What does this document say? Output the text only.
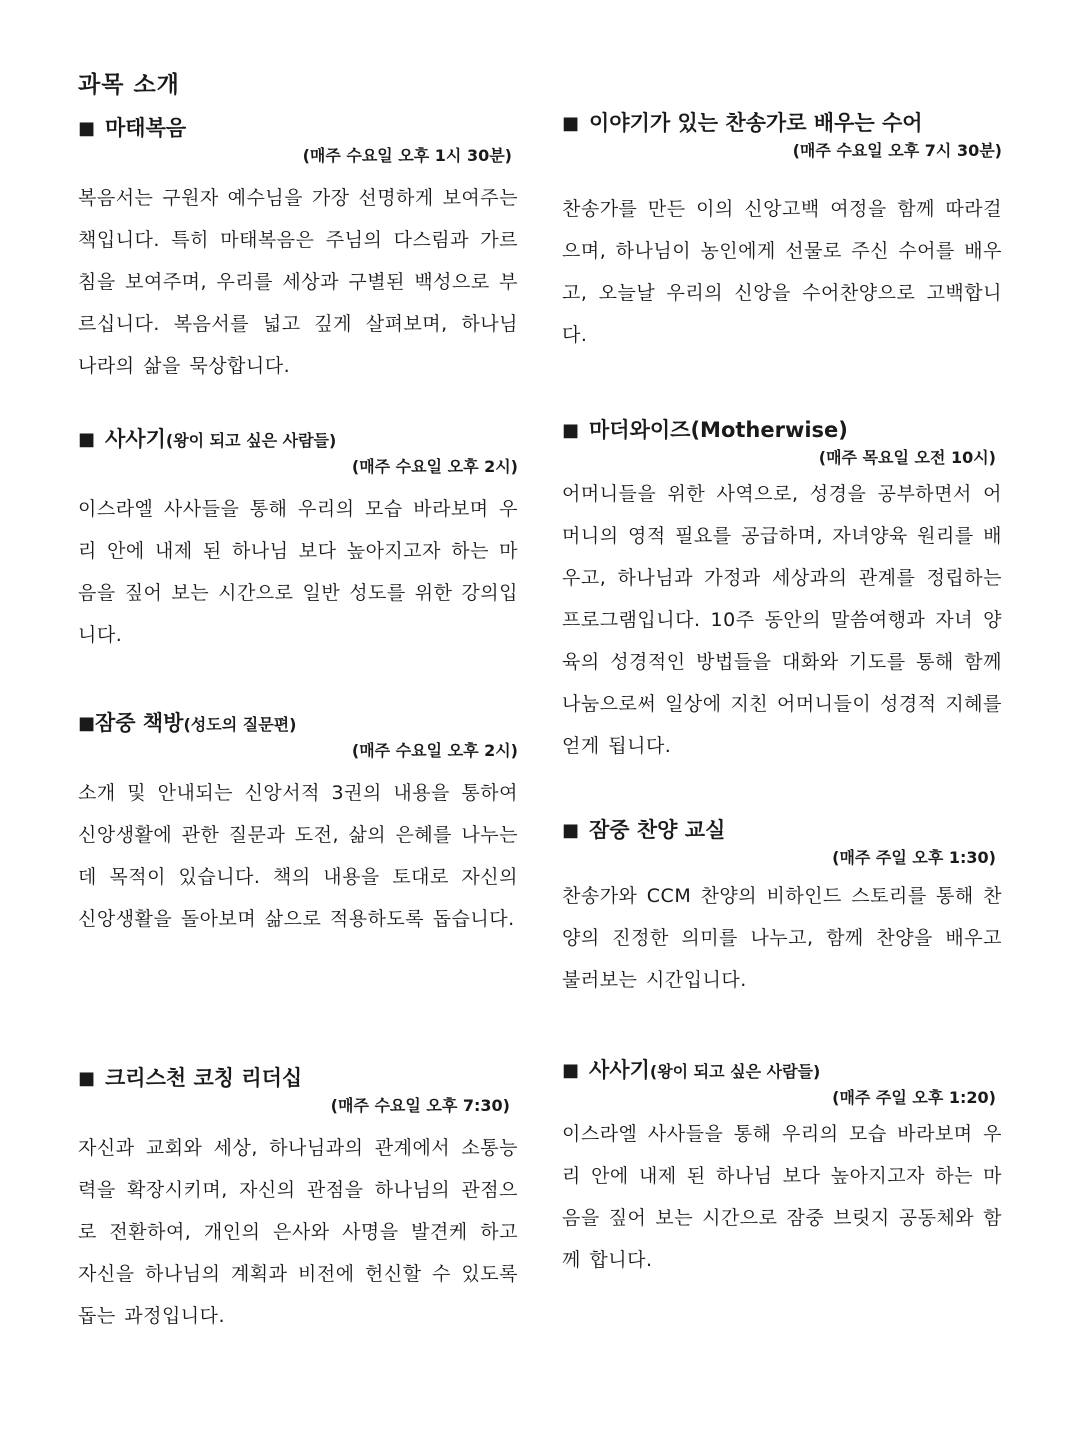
과목 소개
■ 마태복음
(매주 수요일 오후 1시 30분)
복음서는 구원자 예수님을 가장 선명하게 보여주는 책입니다. 특히 마태복음은 주님의 다스림과 가르침을 보여주며, 우리를 세상과 구별된 백성으로 부르십니다. 복음서를 넓고 깊게 살펴보며, 하나님 나라의 삶을 묵상합니다.
■ 사사기(왕이 되고 싶은 사람들)
(매주 수요일 오후 2시)
이스라엘 사사들을 통해 우리의 모습 바라보며 우리 안에 내제 된 하나님 보다 높아지고자 하는 마음을 짚어 보는 시간으로 일반 성도를 위한 강의입니다.
■잠중 책방(성도의 질문편)
(매주 수요일 오후 2시)
소개 및 안내되는 신앙서적 3권의 내용을 통하여 신앙생활에 관한 질문과 도전, 삶의 은혜를 나누는 데 목적이 있습니다. 책의 내용을 토대로 자신의 신앙생활을 돌아보며 삶으로 적용하도록 돕습니다.
■ 크리스천 코칭 리더십
(매주 수요일 오후 7:30)
자신과 교회와 세상, 하나님과의 관계에서 소통능력을 확장시키며, 자신의 관점을 하나님의 관점으로 전환하여, 개인의 은사와 사명을 발견케 하고 자신을 하나님의 계획과 비전에 헌신할 수 있도록 돕는 과정입니다.
■ 이야기가 있는 찬송가로 배우는 수어
(매주 수요일 오후 7시 30분)
찬송가를 만든 이의 신앙고백 여정을 함께 따라걸으며, 하나님이 농인에게 선물로 주신 수어를 배우고, 오늘날 우리의 신앙을 수어찬양으로 고백합니다.
■ 마더와이즈(Motherwise)
(매주 목요일 오전 10시)
어머니들을 위한 사역으로, 성경을 공부하면서 어머니의 영적 필요를 공급하며, 자녀양육 원리를 배우고, 하나님과 가정과 세상과의 관계를 정립하는 프로그램입니다. 10주 동안의 말씀여행과 자녀 양육의 성경적인 방법들을 대화와 기도를 통해 함께 나눔으로써 일상에 지친 어머니들이 성경적 지혜를 얻게 됩니다.
■ 잠중 찬양 교실
(매주 주일 오후 1:30)
찬송가와 CCM 찬양의 비하인드 스토리를 통해 찬양의 진정한 의미를 나누고, 함께 찬양을 배우고 불러보는 시간입니다.
■ 사사기(왕이 되고 싶은 사람들)
(매주 주일 오후 1:20)
이스라엘 사사들을 통해 우리의 모습 바라보며 우리 안에 내제 된 하나님 보다 높아지고자 하는 마음을 짚어 보는 시간으로 잠중 브릿지 공동체와 함께 합니다.
